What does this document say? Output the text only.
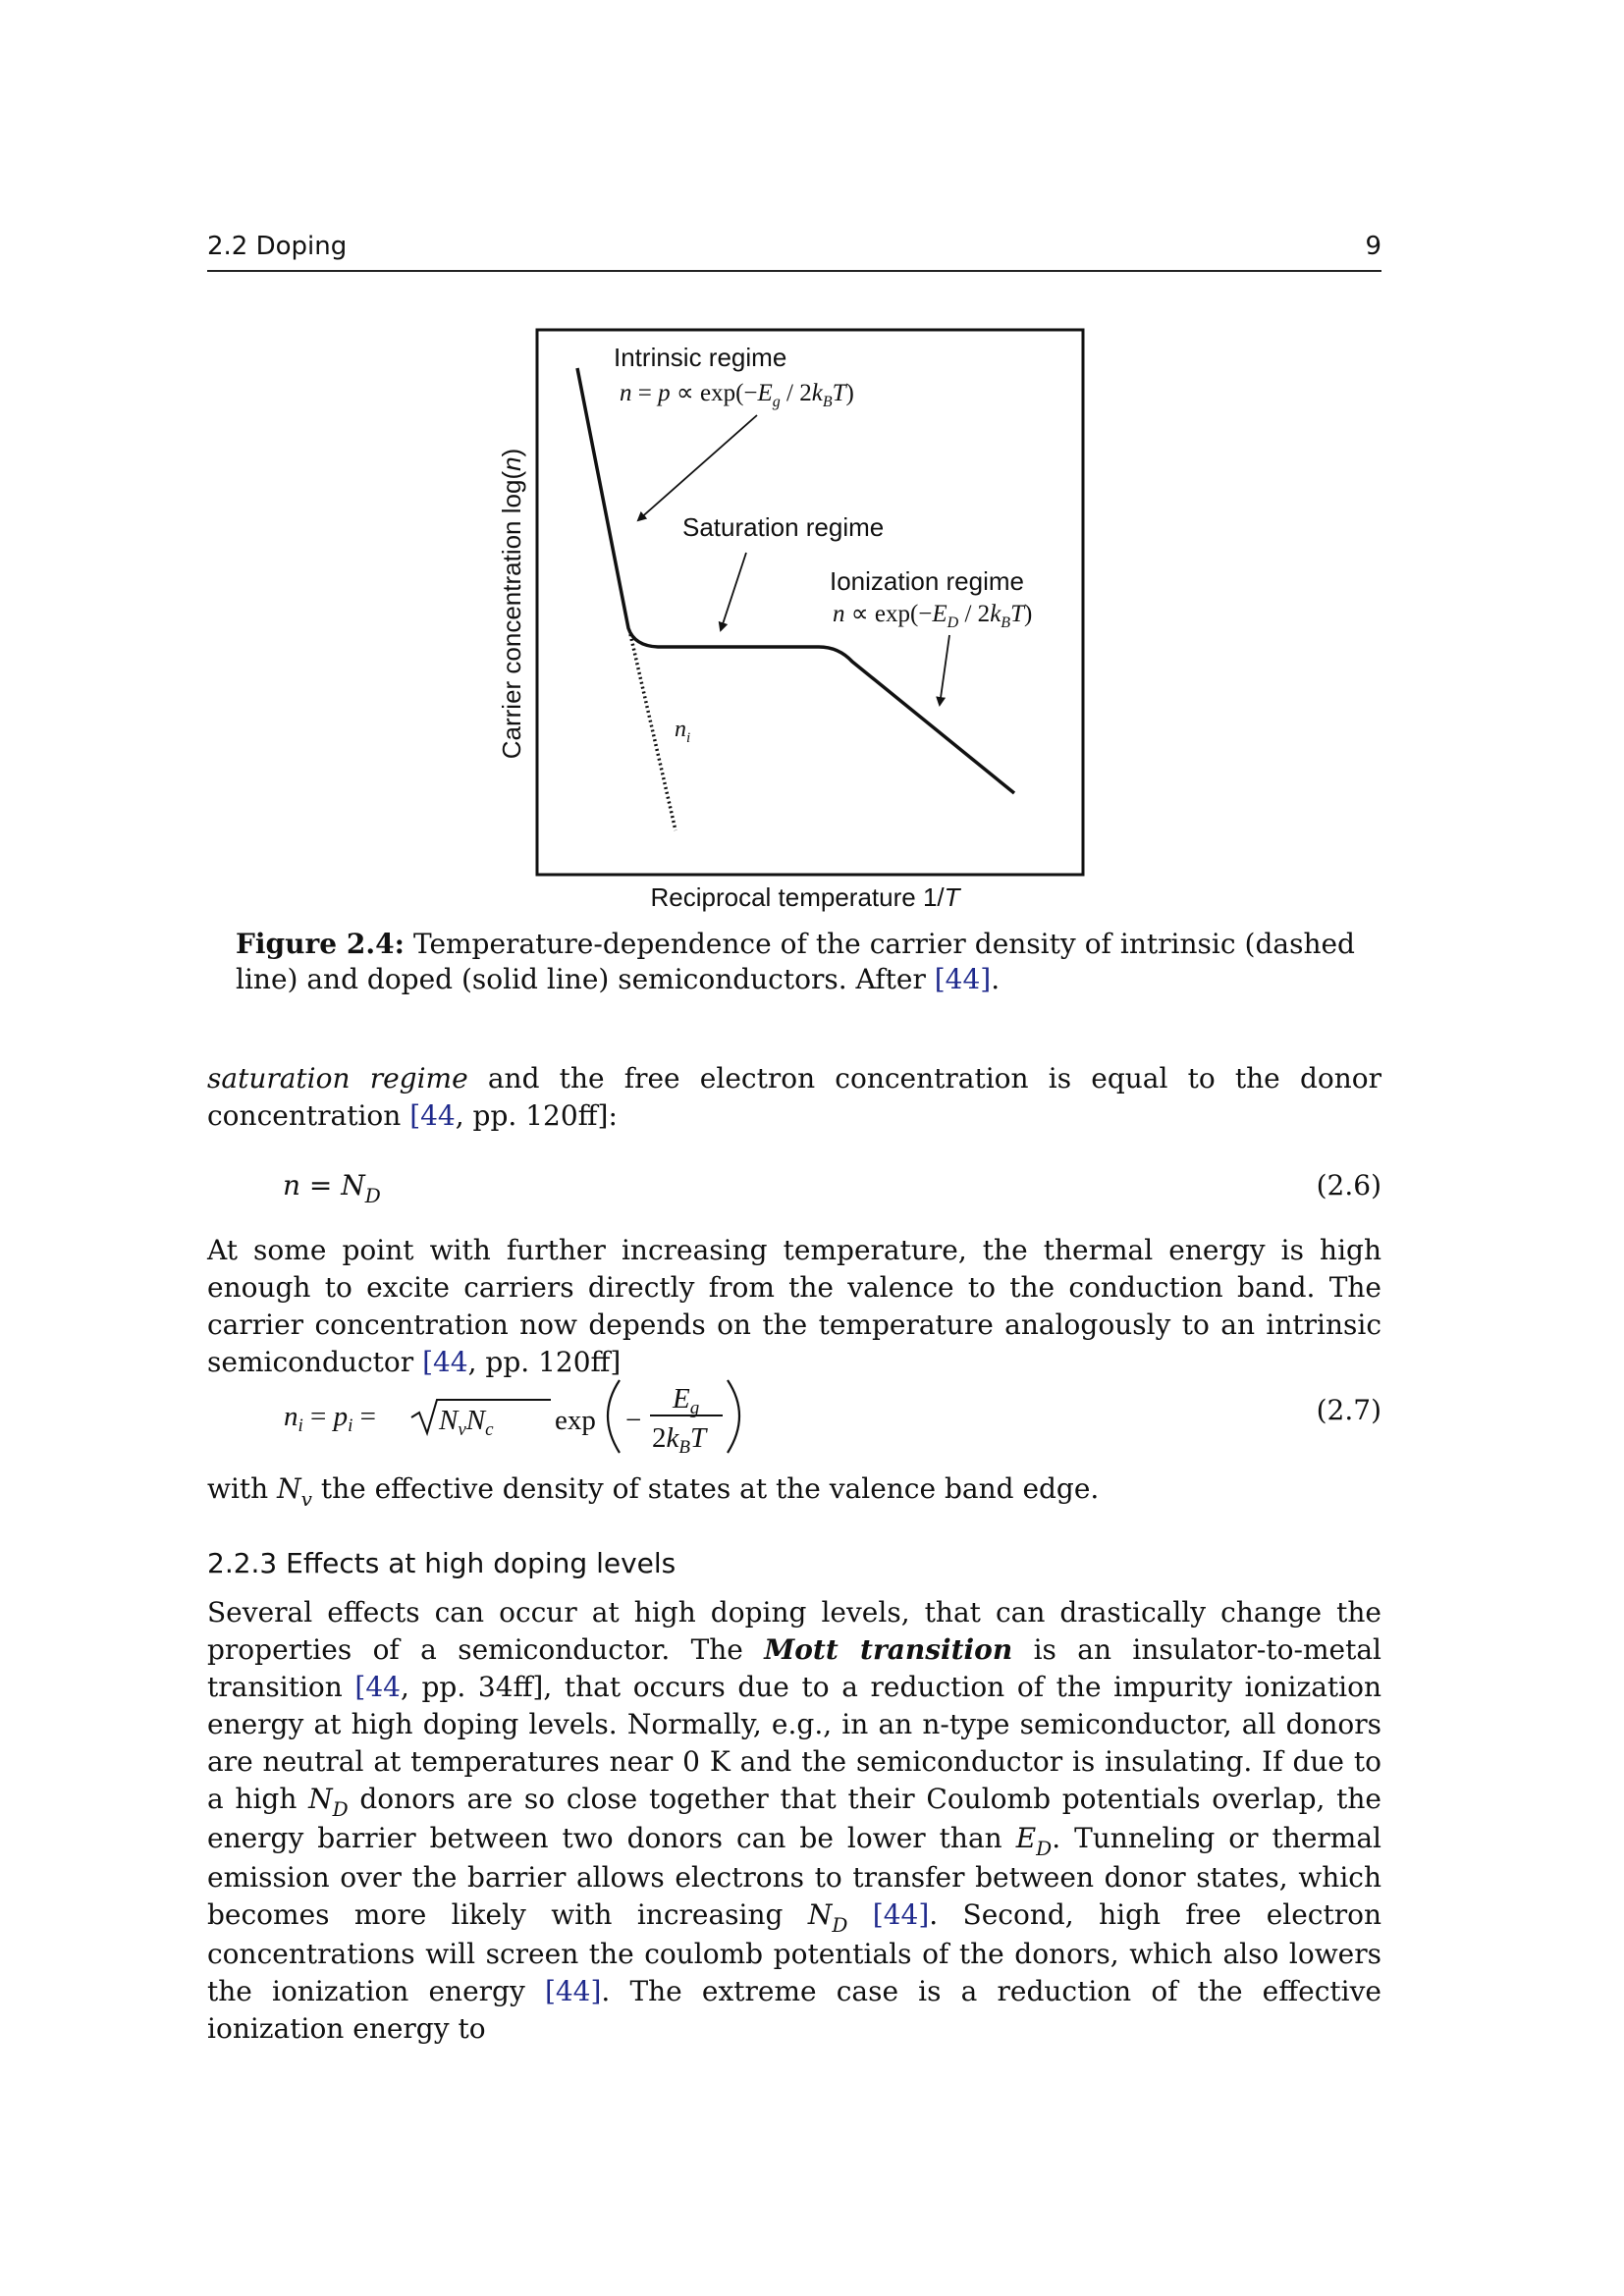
2.2 Doping	9
Intrinsic regime
$n = p \propto \exp(-E_g / 2k_BT)$
Saturation regime
Ionization regime
$n \propto \exp(-E_D / 2k_BT)$
$n_i$
Reciprocal temperature 1/T
Carrier concentration log(n)
Figure 2.4: Temperature-dependence of the carrier density of intrinsic (dashed line) and doped (solid line) semiconductors. After [44].
saturation regime and the free electron concentration is equal to the donor concentration [44, pp. 120ff]:
$n = N_D$	(2.6)
At some point with further increasing temperature, the thermal energy is high enough to excite carriers directly from the valence to the conduction band. The carrier concentration now depends on the temperature analogously to an intrinsic semiconductor [44, pp. 120ff]
$n_i = p_i = N_vN_c$ exp −
$E_g$
$2k_BT$
(2.7)
with $N_v$ the effective density of states at the valence band edge.
2.2.3 Effects at high doping levels
Several effects can occur at high doping levels, that can drastically change the properties of a semiconductor. The Mott transition is an insulator-to-metal transition [44, pp. 34ff], that occurs due to a reduction of the impurity ionization energy at high doping levels. Normally, e.g., in an n-type semiconductor, all donors are neutral at temperatures near 0 K and the semiconductor is insulating. If due to a high $N_D$ donors are so close together that their Coulomb potentials overlap, the energy barrier between two donors can be lower than $E_D$. Tunneling or thermal emission over the barrier allows electrons to transfer between donor states, which becomes more likely with increasing $N_D$ [44]. Second, high free electron concentrations will screen the coulomb potentials of the donors, which also lowers the ionization energy [44]. The extreme case is a reduction of the effective ionization energy to
